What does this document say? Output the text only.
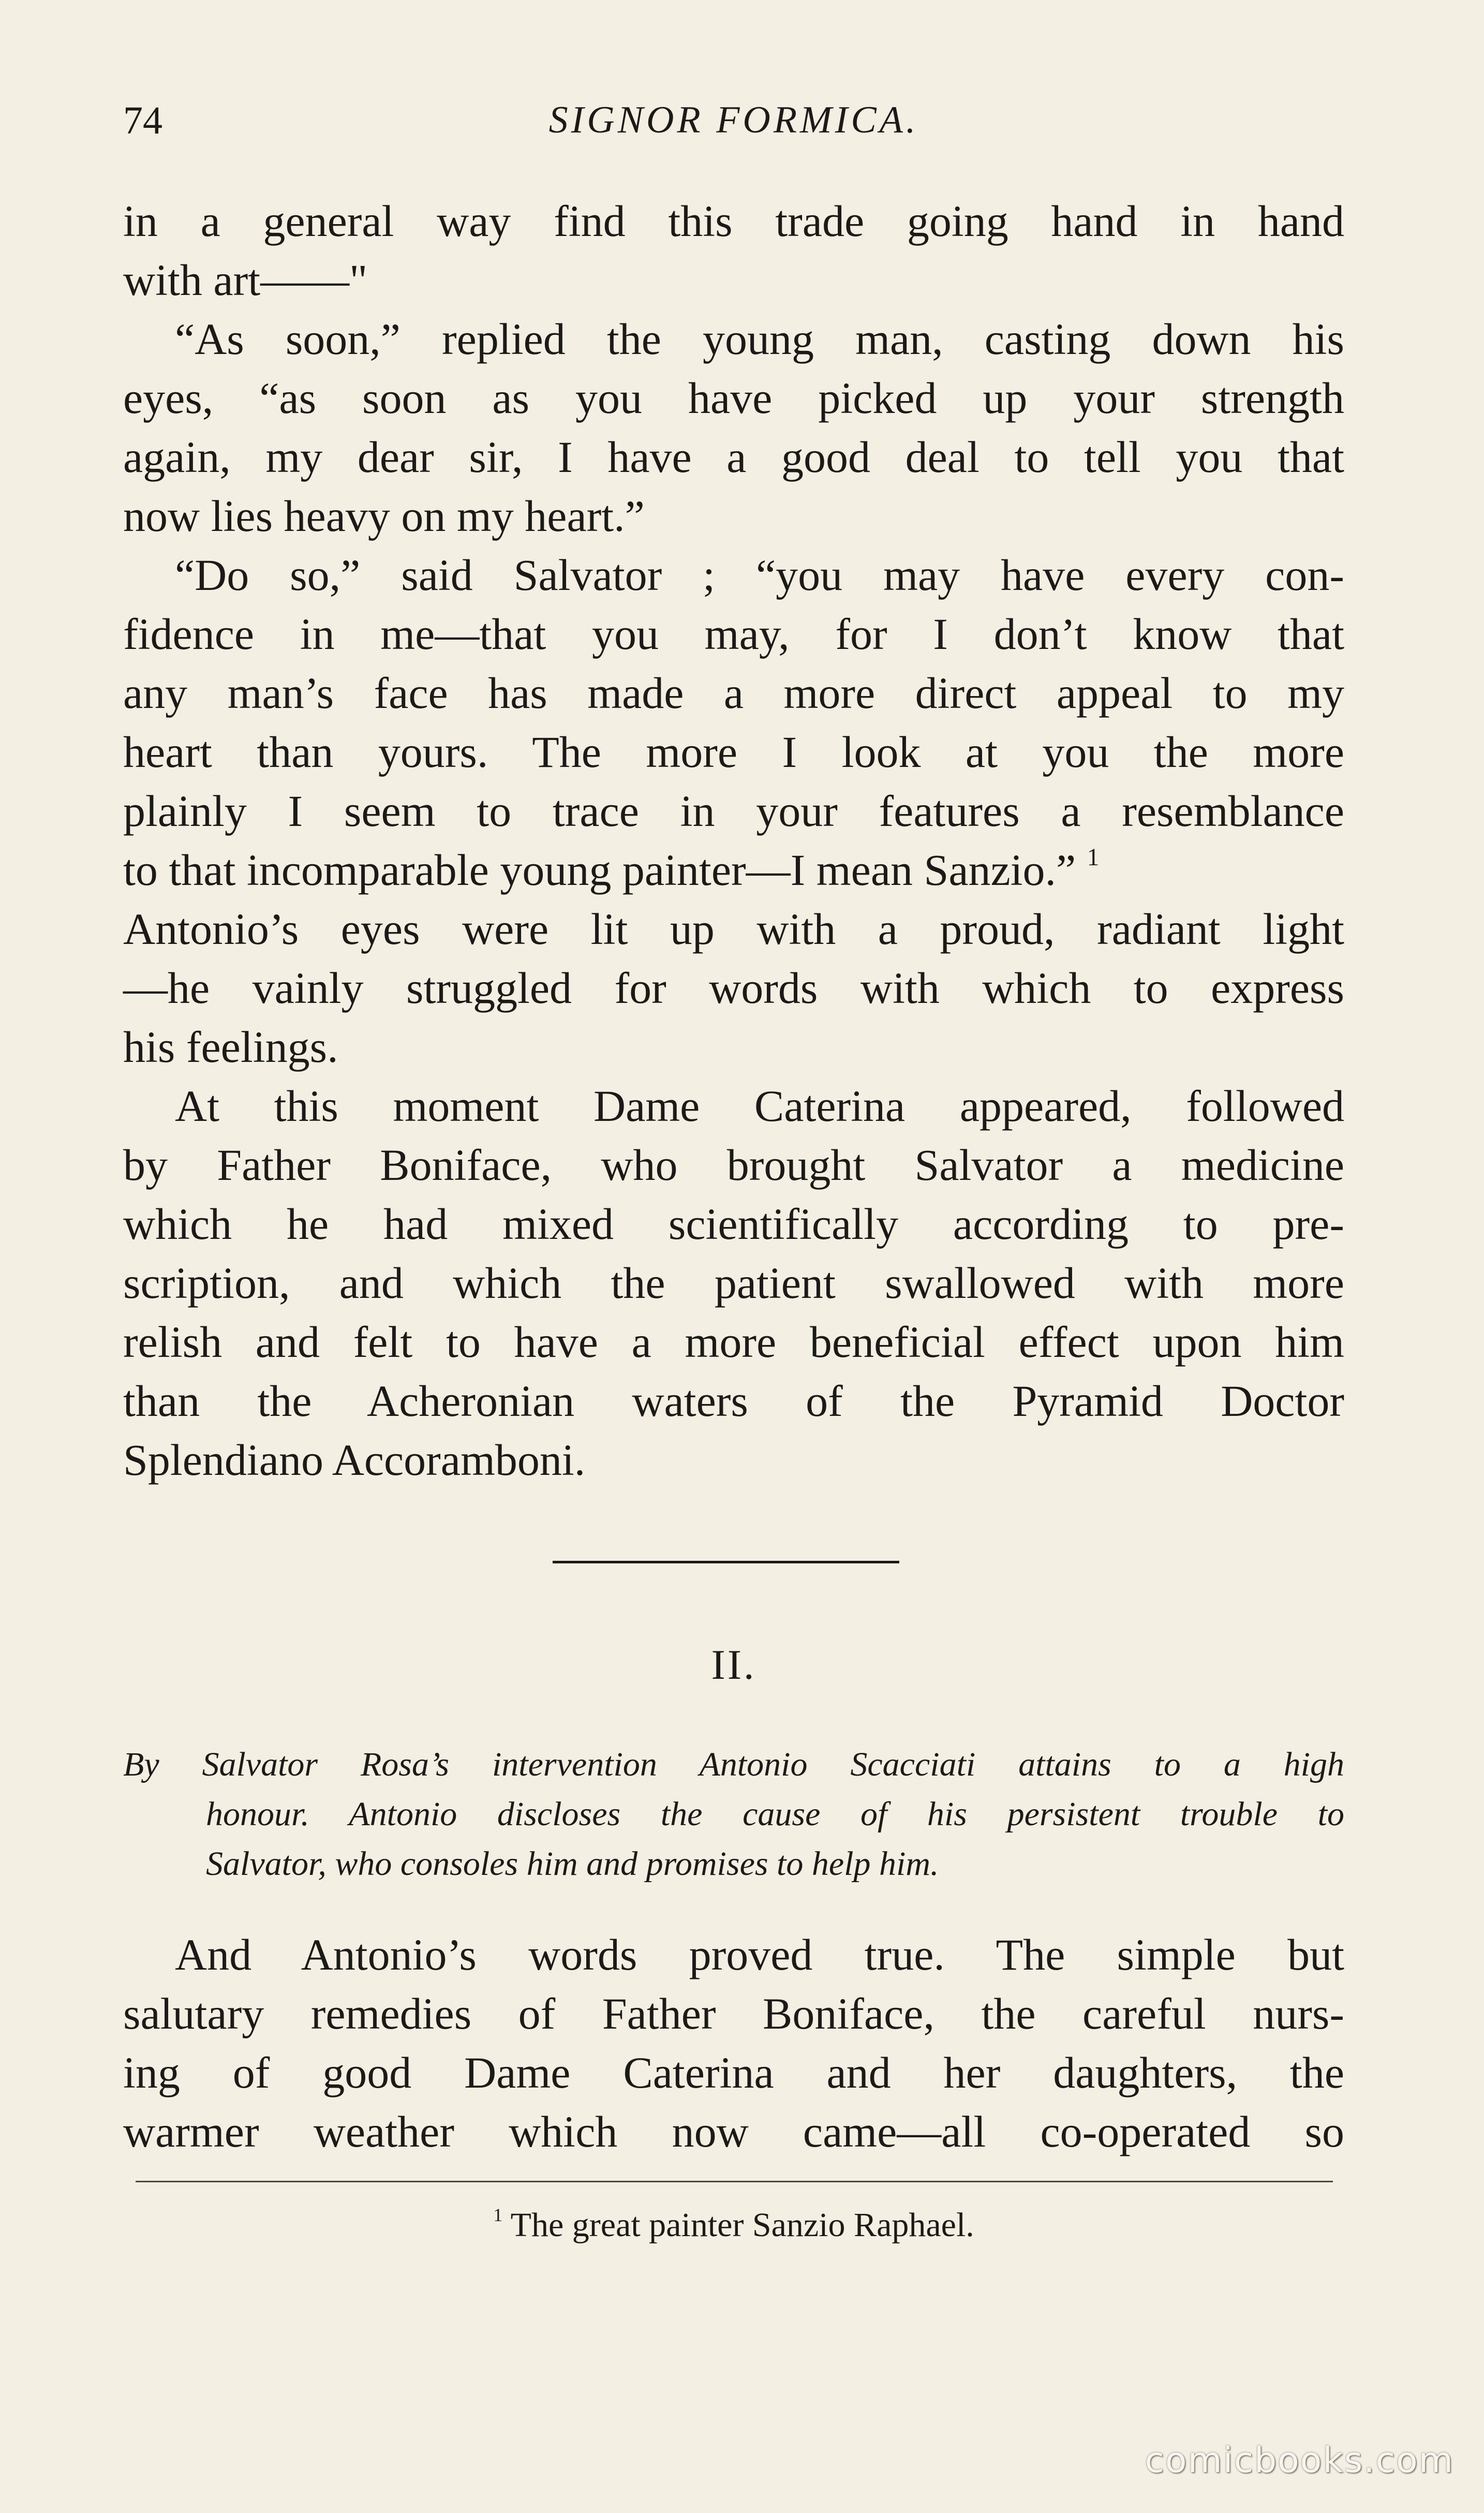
74	SIGNOR FORMICA.

in a general way find this trade going hand in hand
with art——"

“As soon,” replied the young man, casting down his
eyes, “as soon as you have picked up your strength
again, my dear sir, I have a good deal to tell you that
now lies heavy on my heart.”

“Do so,” said Salvator ; “you may have every con-
fidence in me—that you may, for I don’t know that
any man’s face has made a more direct appeal to my
heart than yours. The more I look at you the more
plainly I seem to trace in your features a resemblance
to that incomparable young painter—I mean Sanzio.” $^1$
Antonio’s eyes were lit up with a proud, radiant light
—he vainly struggled for words with which to express
his feelings.

At this moment Dame Caterina appeared, followed
by Father Boniface, who brought Salvator a medicine
which he had mixed scientifically according to pre-
scription, and which the patient swallowed with more
relish and felt to have a more beneficial effect upon him
than the Acheronian waters of the Pyramid Doctor
Splendiano Accoramboni.

II.
By Salvator Rosa’s intervention Antonio Scacciati attains to a high
honour. Antonio discloses the cause of his persistent trouble to
Salvator, who consoles him and promises to help him.

And Antonio’s words proved true. The simple but
salutary remedies of Father Boniface, the careful nurs-
ing of good Dame Caterina and her daughters, the
warmer weather which now came—all co-operated so

$^1$ The great painter Sanzio Raphael.
comicbooks.com
